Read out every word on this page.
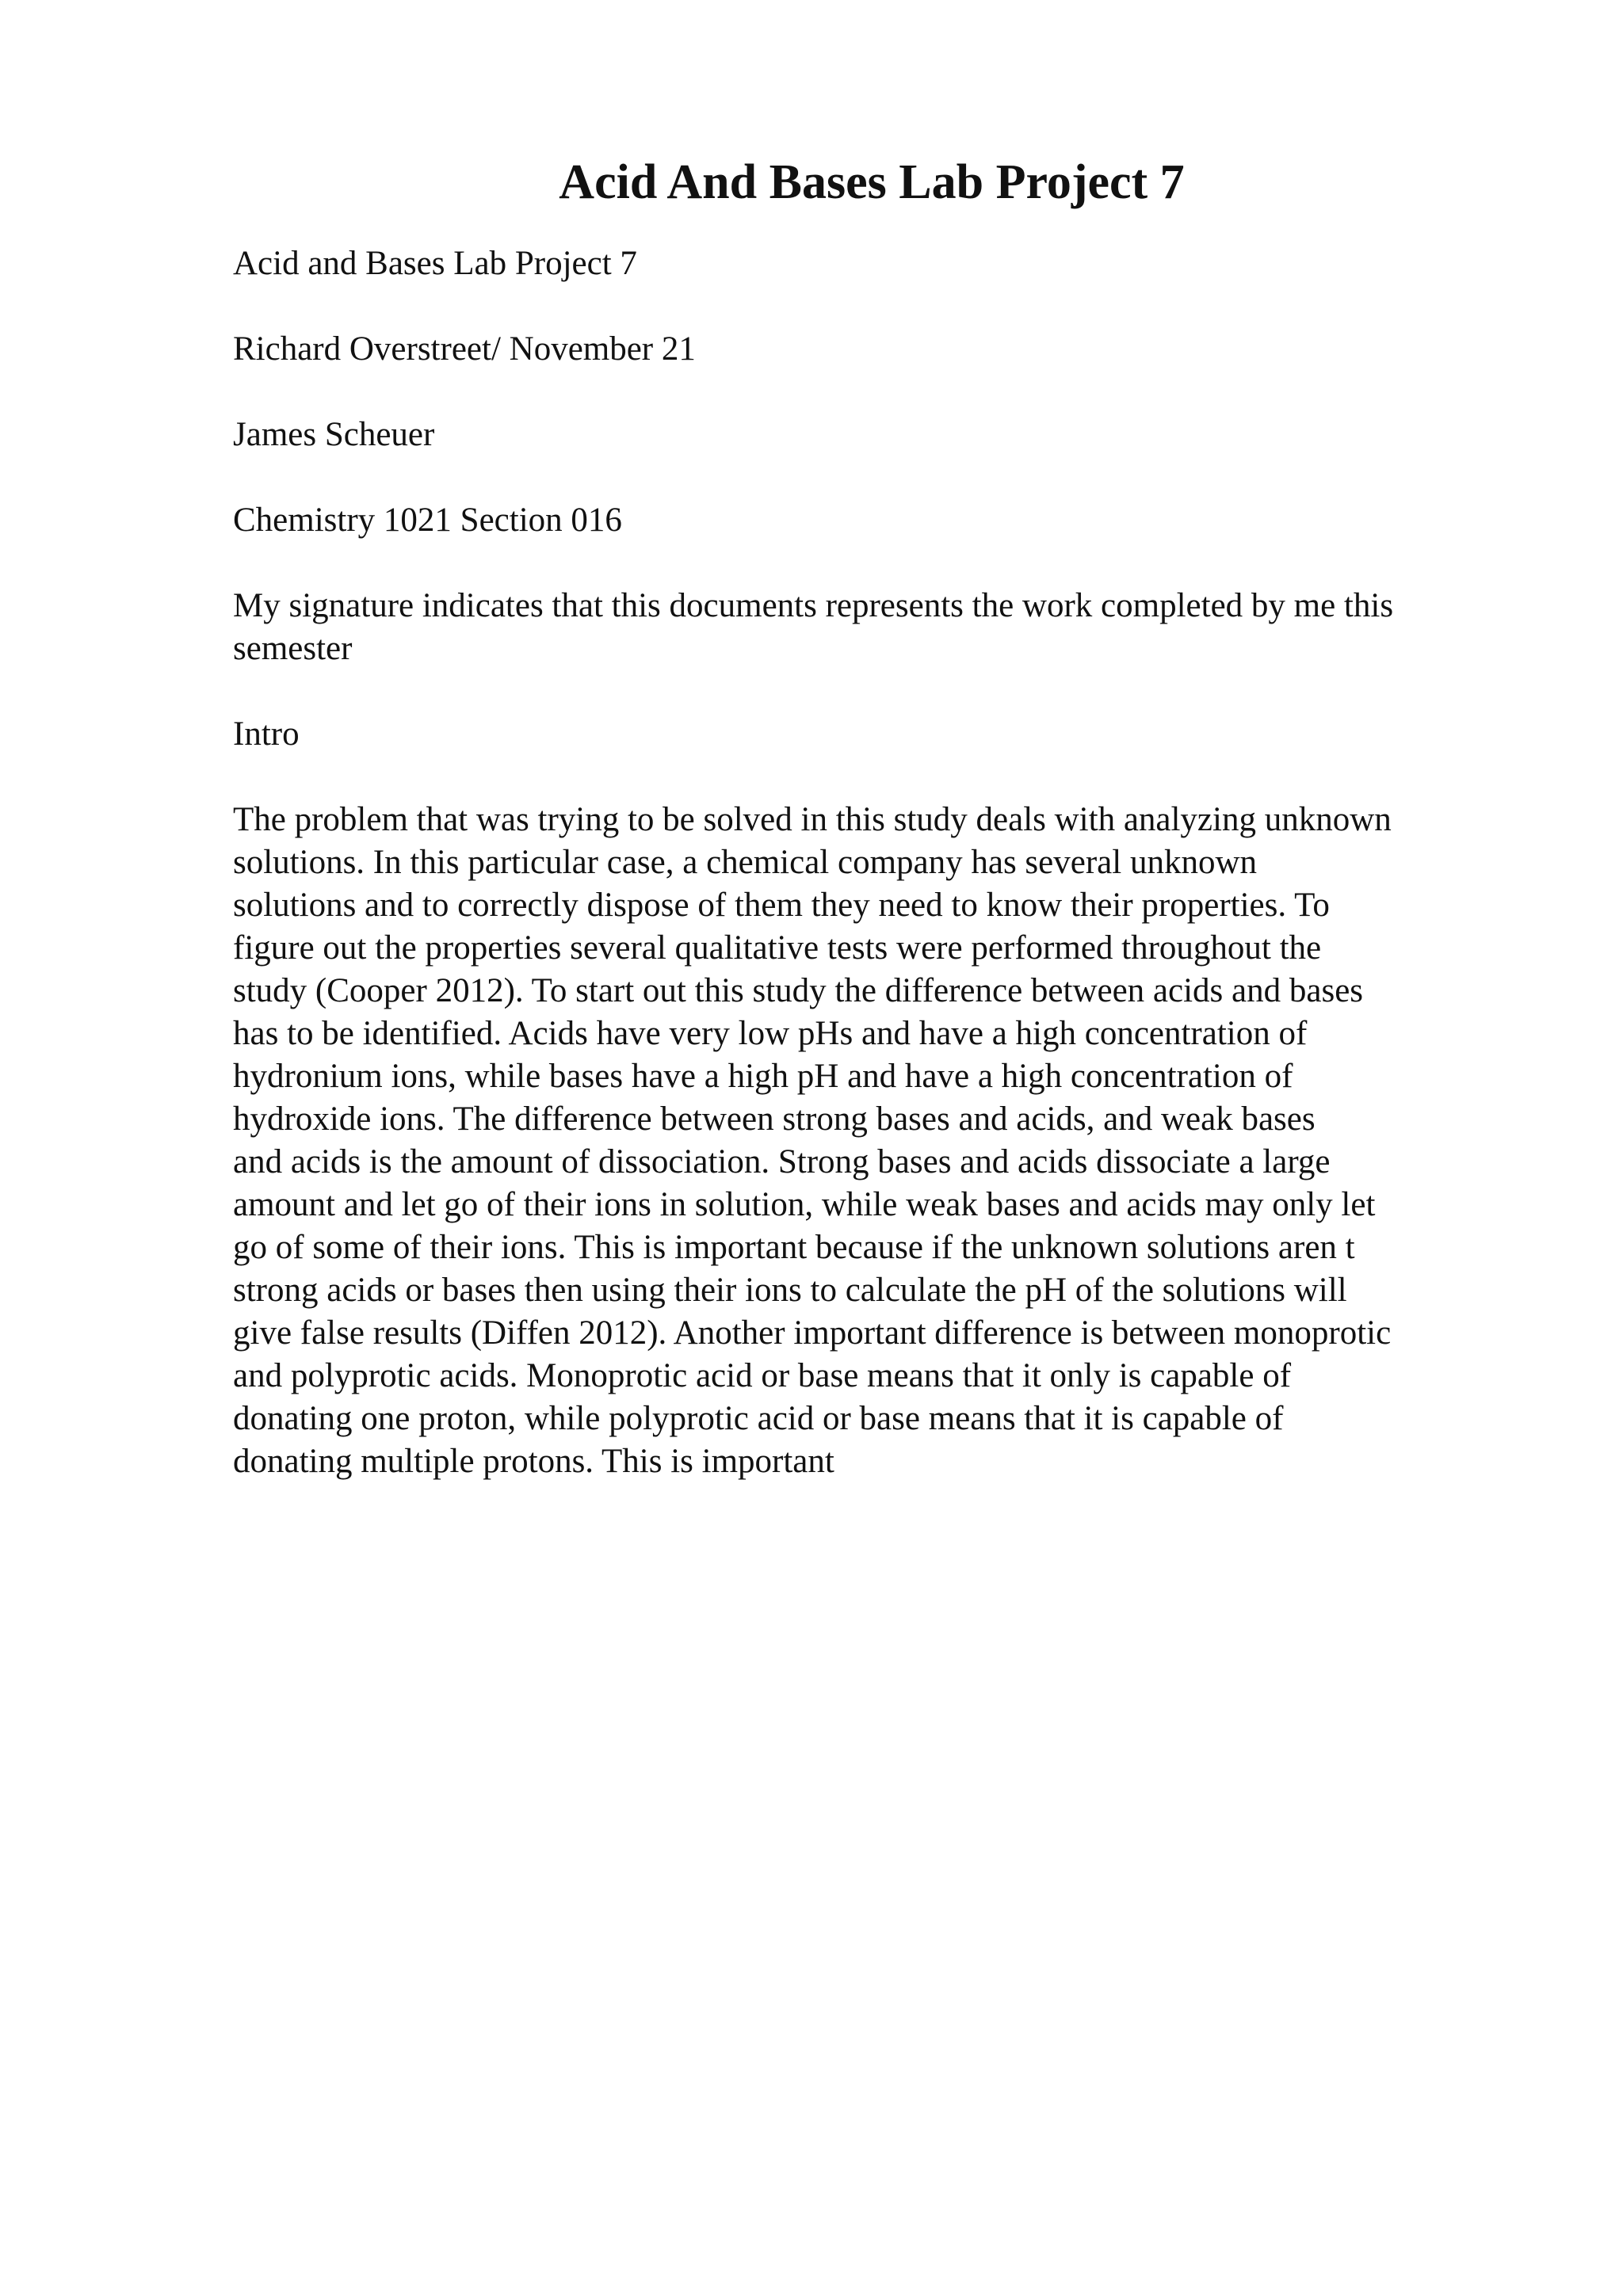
Acid And Bases Lab Project 7

Acid and Bases Lab Project 7

Richard Overstreet/ November 21

James Scheuer

Chemistry 1021 Section 016

My signature indicates that this documents represents the work completed by me this
semester

Intro

The problem that was trying to be solved in this study deals with analyzing unknown
solutions. In this particular case, a chemical company has several unknown
solutions and to correctly dispose of them they need to know their properties. To
figure out the properties several qualitative tests were performed throughout the
study (Cooper 2012). To start out this study the difference between acids and bases
has to be identified. Acids have very low pHs and have a high concentration of
hydronium ions, while bases have a high pH and have a high concentration of
hydroxide ions. The difference between strong bases and acids, and weak bases
and acids is the amount of dissociation. Strong bases and acids dissociate a large
amount and let go of their ions in solution, while weak bases and acids may only let
go of some of their ions. This is important because if the unknown solutions aren t
strong acids or bases then using their ions to calculate the pH of the solutions will
give false results (Diffen 2012). Another important difference is between monoprotic
and polyprotic acids. Monoprotic acid or base means that it only is capable of
donating one proton, while polyprotic acid or base means that it is capable of
donating multiple protons. This is important
